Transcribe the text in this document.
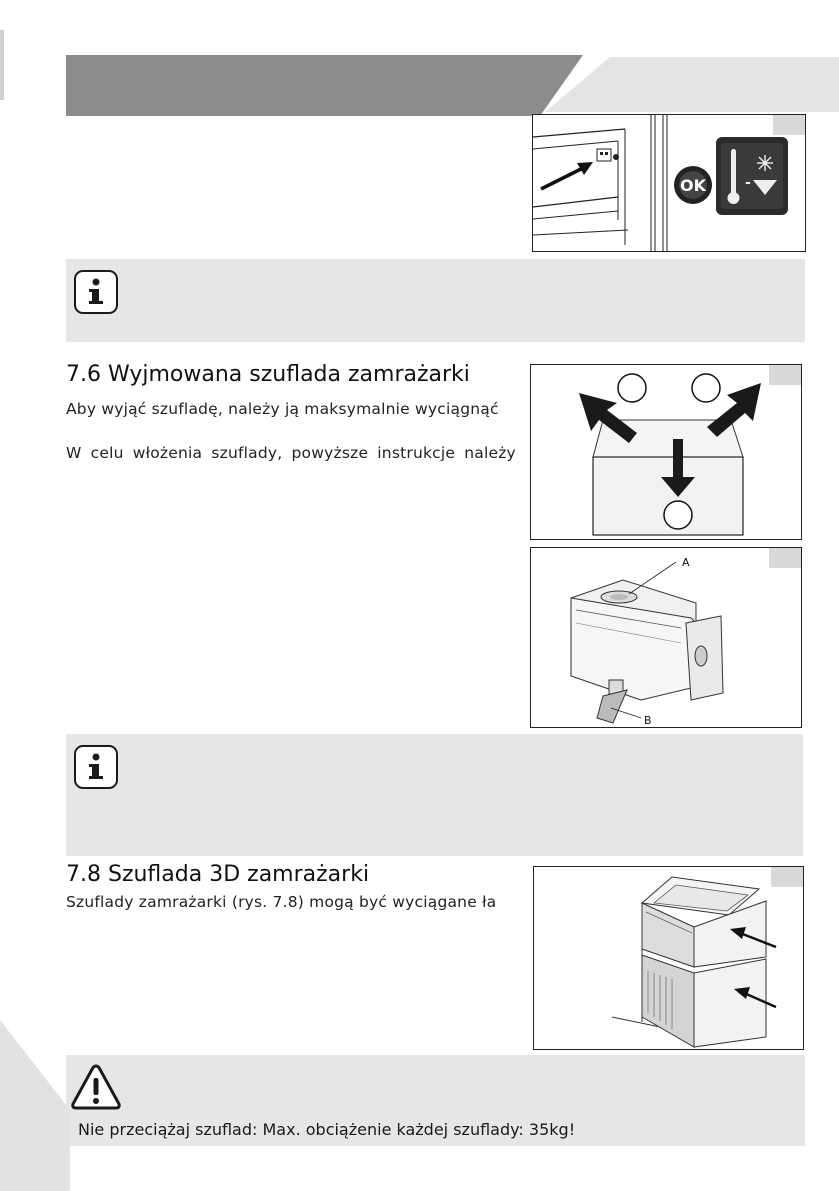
OK	-
7.6 Wyjmowana szuflada zamrażarki
Aby wyjąć szufladę, należy ją maksymalnie wyciągnąć
W celu włożenia szuflady, powyższe instrukcje należy
A
B
7.8 Szuflada 3D zamrażarki
Szuflady zamrażarki (rys. 7.8) mogą być wyciągane ła
Nie przeciążaj szuflad: Max. obciążenie każdej szuflady: 35kg!
